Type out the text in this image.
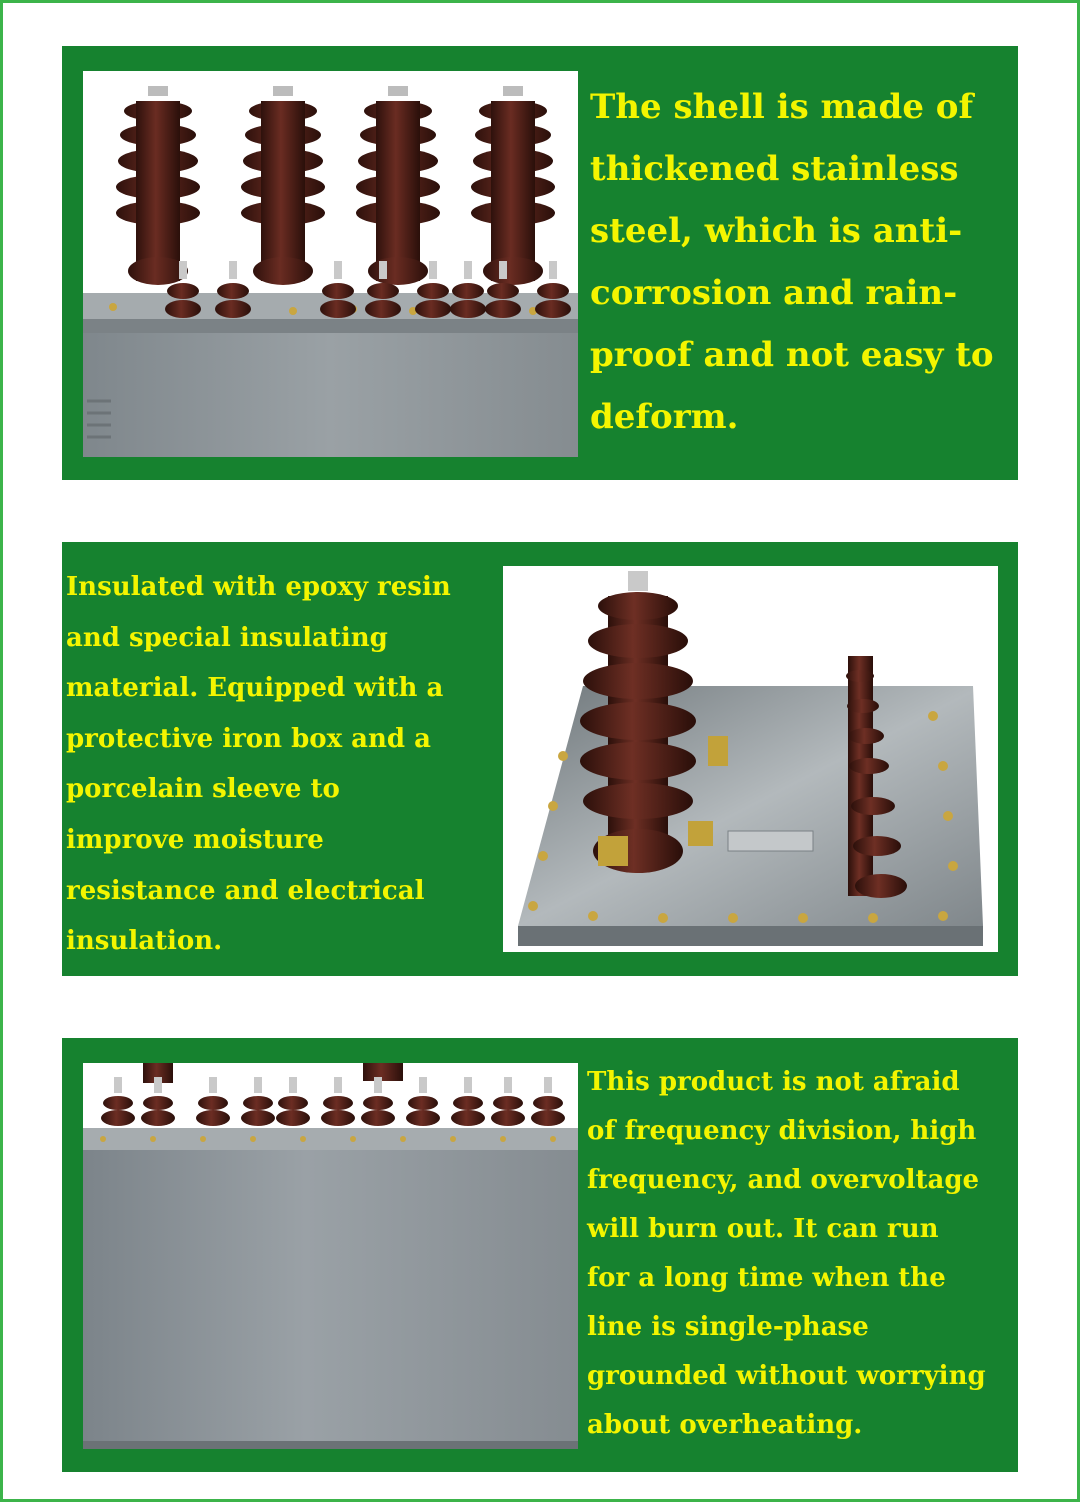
The shell is made of
thickened stainless
steel, which is anti-
corrosion and rain-
proof and not easy to
deform.
Insulated with epoxy resin
and special insulating
material. Equipped with a
protective iron box and a
porcelain sleeve to
improve moisture
resistance and electrical
insulation.
This product is not afraid
of frequency division, high
frequency, and overvoltage
will burn out. It can run
for a long time when the
line is single-phase
grounded without worrying
about overheating.
